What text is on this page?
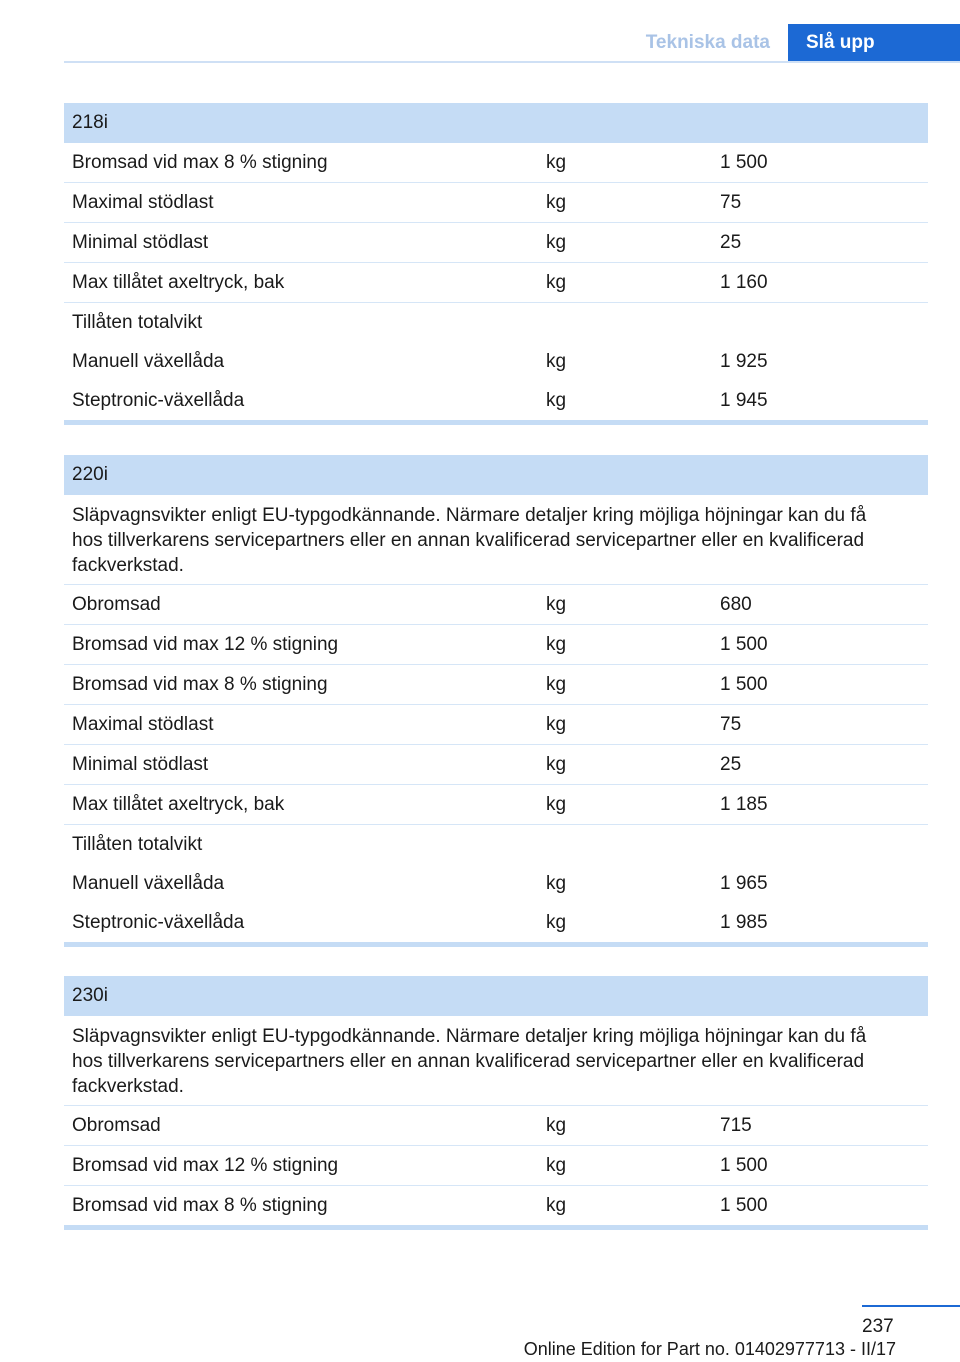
Tekniska data	Slå upp
218i
Bromsad vid max 8 % stigning	kg	1 500
Maximal stödlast	kg	75
Minimal stödlast	kg	25
Max tillåtet axeltryck, bak	kg	1 160
Tillåten totalvikt
Manuell växellåda	kg	1 925
Steptronic-växellåda	kg	1 945
220i
Släpvagnsvikter enligt EU-typgodkännande. Närmare detaljer kring möjliga höjningar kan du få hos tillverkarens servicepartners eller en annan kvalificerad servicepartner eller en kvalificerad fackverkstad.
Obromsad	kg	680
Bromsad vid max 12 % stigning	kg	1 500
Bromsad vid max 8 % stigning	kg	1 500
Maximal stödlast	kg	75
Minimal stödlast	kg	25
Max tillåtet axeltryck, bak	kg	1 185
Tillåten totalvikt
Manuell växellåda	kg	1 965
Steptronic-växellåda	kg	1 985
230i
Släpvagnsvikter enligt EU-typgodkännande. Närmare detaljer kring möjliga höjningar kan du få hos tillverkarens servicepartners eller en annan kvalificerad servicepartner eller en kvalificerad fackverkstad.
Obromsad	kg	715
Bromsad vid max 12 % stigning	kg	1 500
Bromsad vid max 8 % stigning	kg	1 500
237
Online Edition for Part no. 01402977713 - II/17
